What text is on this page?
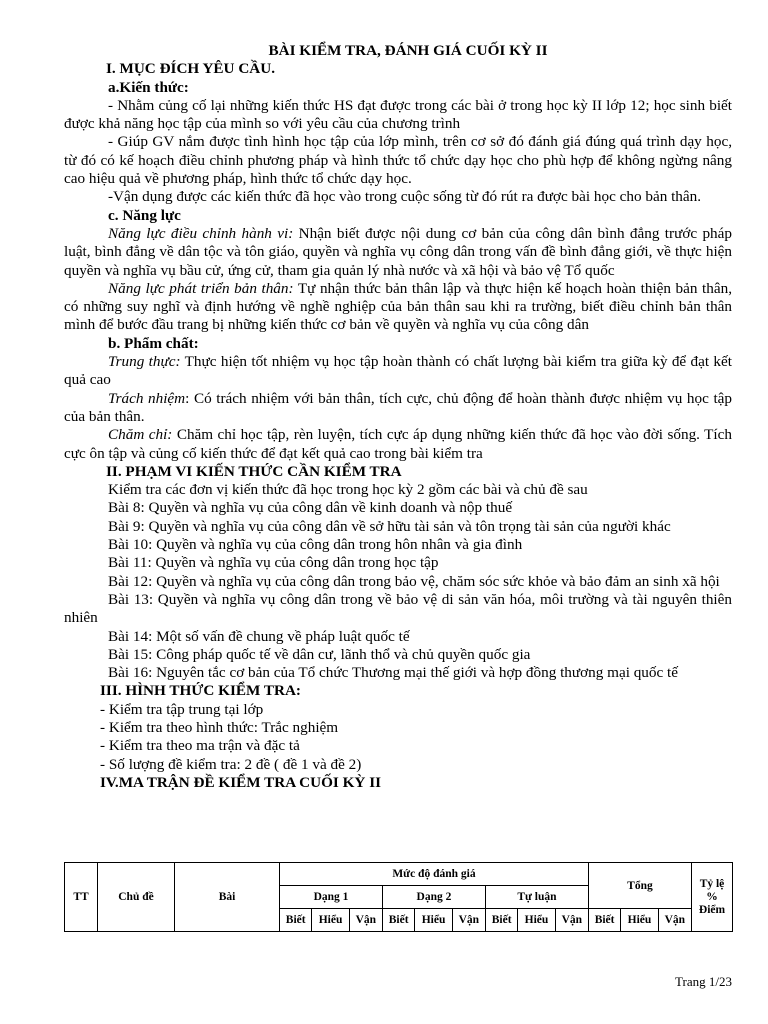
BÀI KIỂM TRA, ĐÁNH GIÁ CUỐI KỲ II
I. MỤC ĐÍCH YÊU CẦU.
a.Kiến thức:
- Nhằm củng cố lại những kiến thức HS đạt được trong các bài ở trong học kỳ II lớp 12; học sinh biết được khả năng học tập của mình so với yêu cầu của chương trình
- Giúp GV nắm được tình hình học tập của lớp mình, trên cơ sở đó đánh giá đúng quá trình dạy học, từ đó có kế hoạch điều chỉnh phương pháp và hình thức tổ chức dạy học cho phù hợp để không ngừng nâng cao hiệu quả về phương pháp, hình thức tổ chức dạy học.
-Vận dụng được các kiến thức đã học vào trong cuộc sống từ đó rút ra được bài học cho bản thân.
c. Năng lực
Năng lực điều chỉnh hành vi: Nhận biết được nội dung cơ bản của công dân bình đẳng trước pháp luật, bình đẳng về dân tộc và tôn giáo, quyền và nghĩa vụ công dân trong vấn đề bình đẳng giới, về thực hiện quyền và nghĩa vụ bầu cử, ứng cử, tham gia quản lý nhà nước và xã hội và bảo vệ Tổ quốc
Năng lực phát triển bản thân: Tự nhận thức bản thân lập và thực hiện kế hoạch hoàn thiện bản thân, có những suy nghĩ và định hướng về nghề nghiệp của bản thân sau khi ra trường, biết điều chỉnh bản thân mình để bước đầu trang bị những kiến thức cơ bản về quyền và nghĩa vụ của công dân
b. Phẩm chất:
Trung thực: Thực hiện tốt nhiệm vụ học tập hoàn thành có chất lượng bài kiểm tra giữa kỳ để đạt kết quả cao
Trách nhiệm: Có trách nhiệm với bản thân, tích cực, chủ động để hoàn thành được nhiệm vụ học tập của bản thân.
Chăm chỉ: Chăm chỉ học tập, rèn luyện, tích cực áp dụng những kiến thức đã học vào đời sống. Tích cực ôn tập và củng cố kiến thức để đạt kết quả cao trong bài kiểm tra
II. PHẠM VI KIẾN THỨC CẦN KIỂM TRA
Kiểm tra các đơn vị kiến thức đã học trong học kỳ 2 gồm các bài và chủ đề sau
Bài 8: Quyền và nghĩa vụ của công dân về kinh doanh và nộp thuế
Bài 9: Quyền và nghĩa vụ của công dân về sở hữu tài sản và tôn trọng tài sản của người khác
Bài 10: Quyền và nghĩa vụ của công dân trong hôn nhân và gia đình
Bài 11: Quyền và nghĩa vụ của công dân trong học tập
Bài 12: Quyền và nghĩa vụ của công dân trong bảo vệ, chăm sóc sức khỏe và bảo đảm an sinh xã hội
Bài 13: Quyền và nghĩa vụ công dân trong về bảo vệ di sản văn hóa, môi trường và tài nguyên thiên nhiên
Bài 14: Một số vấn đề chung về pháp luật quốc tế
Bài 15: Công pháp quốc tế về dân cư, lãnh thổ và chủ quyền quốc gia
Bài 16: Nguyên tắc cơ bản của Tổ chức Thương mại thế giới và hợp đồng thương mại quốc tế
III. HÌNH THỨC KIỂM TRA:
- Kiểm tra tập trung tại lớp
- Kiểm tra theo hình thức: Trắc nghiệm
- Kiểm tra theo ma trận và đặc tả
- Số lượng đề kiểm tra: 2 đề ( đề 1 và đề 2)
IV.MA TRẬN ĐỀ KIỂM TRA CUỐI KỲ II
TT	Chủ đề	Bài	Mức độ đánh giá									Tổng			Tỷ lệ % Điểm
			Dạng 1			Dạng 2			Tự luận						
			Biết	Hiểu	Vận	Biết	Hiểu	Vận	Biết	Hiểu	Vận	Biết	Hiểu	Vận	
Trang 1/23
